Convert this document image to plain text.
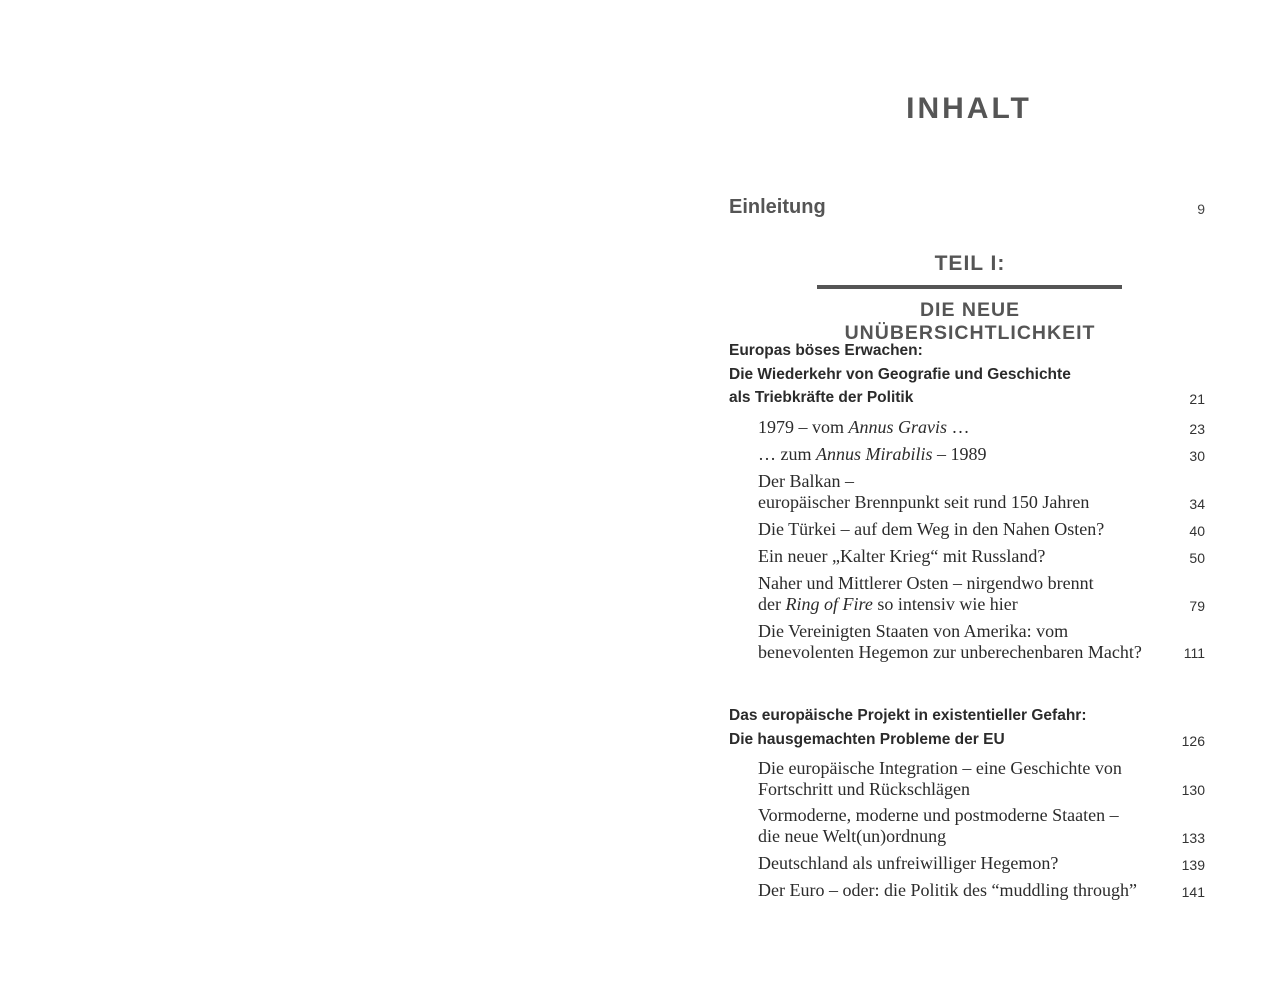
INHALT
Einleitung	9
TEIL I:
DIE NEUE UNÜBERSICHTLICHKEIT
Europas böses Erwachen:
Die Wiederkehr von Geografie und Geschichte
als Triebkräfte der Politik	21
1979 – vom Annus Gravis …	23
… zum Annus Mirabilis – 1989	30
Der Balkan –
europäischer Brennpunkt seit rund 150 Jahren	34
Die Türkei – auf dem Weg in den Nahen Osten?	40
Ein neuer „Kalter Krieg“ mit Russland?	50
Naher und Mittlerer Osten – nirgendwo brennt
der Ring of Fire so intensiv wie hier	79
Die Vereinigten Staaten von Amerika: vom
benevolenten Hegemon zur unberechenbaren Macht?	111
Das europäische Projekt in existentieller Gefahr:
Die hausgemachten Probleme der EU	126
Die europäische Integration – eine Geschichte von
Fortschritt und Rückschlägen	130
Vormoderne, moderne und postmoderne Staaten –
die neue Welt(un)ordnung	133
Deutschland als unfreiwilliger Hegemon?	139
Der Euro – oder: die Politik des “muddling through”	141
